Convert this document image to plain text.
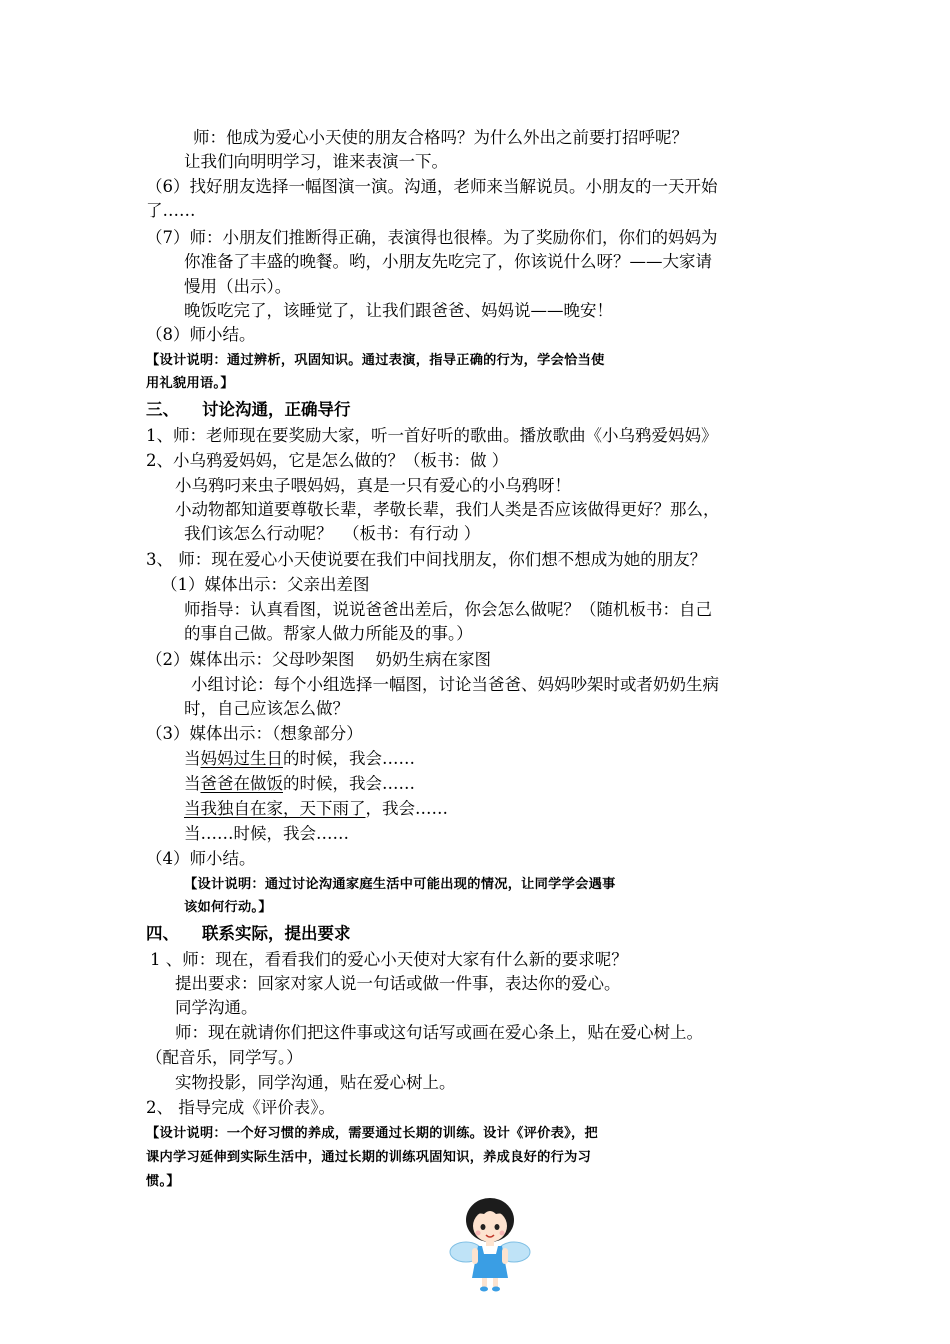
师：他成为爱心小天使的朋友合格吗？为什么外出之前要打招呼呢？
让我们向明明学习，谁来表演一下。
（6）找好朋友选择一幅图演一演。沟通，老师来当解说员。小朋友的一天开始
了……
（7）师：小朋友们推断得正确，表演得也很棒。为了奖励你们，你们的妈妈为
你准备了丰盛的晚餐。哟，小朋友先吃完了，你该说什么呀？——大家请
慢用（出示）。
晚饭吃完了，该睡觉了，让我们跟爸爸、妈妈说——晚安！
（8）师小结。
【设计说明：通过辨析，巩固知识。通过表演，指导正确的行为，学会恰当使
用礼貌用语。】
三、    讨论沟通，正确导行
1、师：老师现在要奖励大家，听一首好听的歌曲。播放歌曲《小乌鸦爱妈妈》
2、小乌鸦爱妈妈，它是怎么做的？（板书：做 ）
小乌鸦叼来虫子喂妈妈，真是一只有爱心的小乌鸦呀！
小动物都知道要尊敬长辈，孝敬长辈，我们人类是否应该做得更好？那么，
我们该怎么行动呢？  （板书：有行动 ）
3、 师：现在爱心小天使说要在我们中间找朋友，你们想不想成为她的朋友？
（1）媒体出示：父亲出差图
师指导：认真看图，说说爸爸出差后，你会怎么做呢？（随机板书：自己
的事自己做。帮家人做力所能及的事。）
（2）媒体出示：父母吵架图    奶奶生病在家图
小组讨论：每个小组选择一幅图，讨论当爸爸、妈妈吵架时或者奶奶生病
时，自己应该怎么做？
（3）媒体出示：（想象部分）
当妈妈过生日的时候，我会……
当爸爸在做饭的时候，我会……
当我独自在家，天下雨了，我会……
当……时候，我会……
（4）师小结。
【设计说明：通过讨论沟通家庭生活中可能出现的情况，让同学学会遇事
该如何行动。】
四、    联系实际，提出要求
1 、师：现在，看看我们的爱心小天使对大家有什么新的要求呢？
提出要求：回家对家人说一句话或做一件事，表达你的爱心。
同学沟通。
师：现在就请你们把这件事或这句话写或画在爱心条上，贴在爱心树上。
（配音乐，同学写。）
实物投影，同学沟通，贴在爱心树上。
2、 指导完成《评价表》。
【设计说明：一个好习惯的养成，需要通过长期的训练。设计《评价表》，把
课内学习延伸到实际生活中，通过长期的训练巩固知识，养成良好的行为习
惯。】
